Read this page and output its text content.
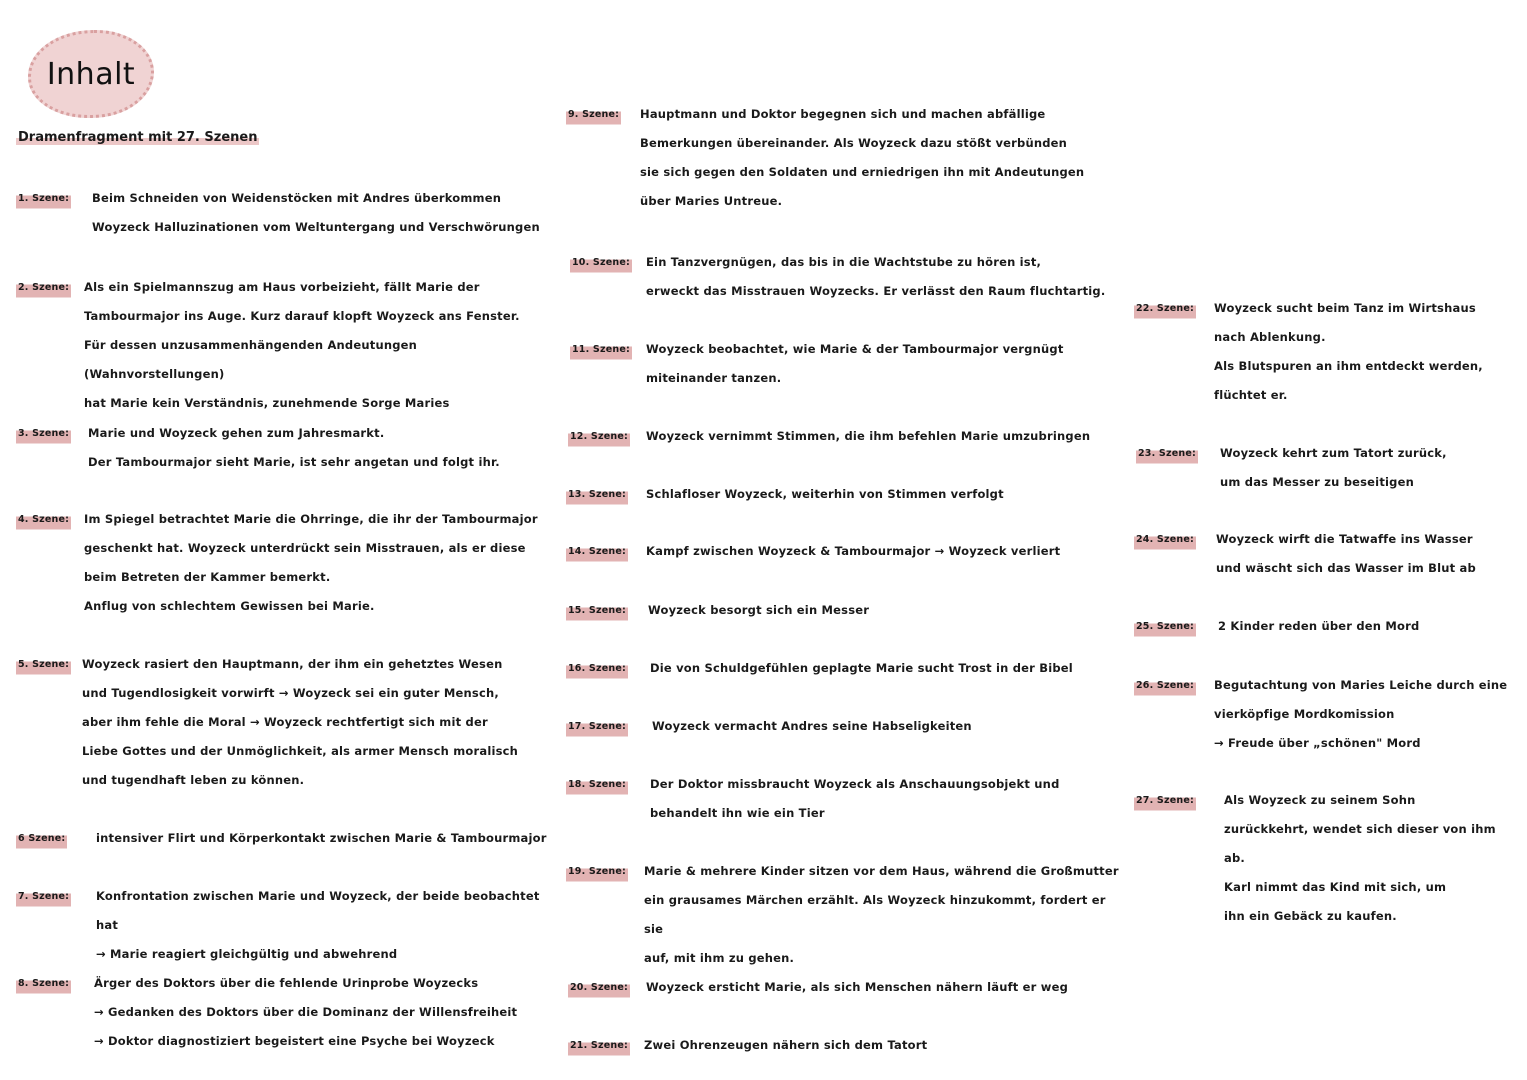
Inhalt
Dramenfragment mit 27. Szenen
1. Szene: Beim Schneiden von Weidenstöcken mit Andres überkommen
Woyzeck Halluzinationen vom Weltuntergang und Verschwörungen
2. Szene: Als ein Spielmannszug am Haus vorbeizieht, fällt Marie der
Tambourmajor ins Auge. Kurz darauf klopft Woyzeck ans Fenster.
Für dessen unzusammenhängenden Andeutungen (Wahnvorstellungen)
hat Marie kein Verständnis, zunehmende Sorge Maries
3. Szene: Marie und Woyzeck gehen zum Jahresmarkt.
Der Tambourmajor sieht Marie, ist sehr angetan und folgt ihr.
4. Szene: Im Spiegel betrachtet Marie die Ohrringe, die ihr der Tambourmajor
geschenkt hat. Woyzeck unterdrückt sein Misstrauen, als er diese
beim Betreten der Kammer bemerkt.
Anflug von schlechtem Gewissen bei Marie.
5. Szene: Woyzeck rasiert den Hauptmann, der ihm ein gehetztes Wesen
und Tugendlosigkeit vorwirft → Woyzeck sei ein guter Mensch,
aber ihm fehle die Moral → Woyzeck rechtfertigt sich mit der
Liebe Gottes und der Unmöglichkeit, als armer Mensch moralisch
und tugendhaft leben zu können.
6 Szene:	intensiver Flirt und Körperkontakt zwischen Marie & Tambourmajor
7. Szene: Konfrontation zwischen Marie und Woyzeck, der beide beobachtet hat
→ Marie reagiert gleichgültig und abwehrend
8. Szene: Ärger des Doktors über die fehlende Urinprobe Woyzecks
→ Gedanken des Doktors über die Dominanz der Willensfreiheit
→ Doktor diagnostiziert begeistert eine Psyche bei Woyzeck
9. Szene: Hauptmann und Doktor begegnen sich und machen abfällige
Bemerkungen übereinander. Als Woyzeck dazu stößt verbünden
sie sich gegen den Soldaten und erniedrigen ihn mit Andeutungen
über Maries Untreue.
10. Szene: Ein Tanzvergnügen, das bis in die Wachtstube zu hören ist,
erweckt das Misstrauen Woyzecks. Er verlässt den Raum fluchtartig.
11. Szene: Woyzeck beobachtet, wie Marie & der Tambourmajor vergnügt
miteinander tanzen.
12. Szene: Woyzeck vernimmt Stimmen, die ihm befehlen Marie umzubringen
13. Szene: Schlafloser Woyzeck, weiterhin von Stimmen verfolgt
14. Szene: Kampf zwischen Woyzeck & Tambourmajor → Woyzeck verliert
15. Szene: Woyzeck besorgt sich ein Messer
16. Szene: Die von Schuldgefühlen geplagte Marie sucht Trost in der Bibel
17. Szene: Woyzeck vermacht Andres seine Habseligkeiten
18. Szene: Der Doktor missbraucht Woyzeck als Anschauungsobjekt und
behandelt ihn wie ein Tier
19. Szene: Marie & mehrere Kinder sitzen vor dem Haus, während die Großmutter
ein grausames Märchen erzählt. Als Woyzeck hinzukommt, fordert er sie
auf, mit ihm zu gehen.
20. Szene: Woyzeck ersticht Marie, als sich Menschen nähern läuft er weg
21. Szene: Zwei Ohrenzeugen nähern sich dem Tatort
22. Szene: Woyzeck sucht beim Tanz im Wirtshaus
nach Ablenkung.
Als Blutspuren an ihm entdeckt werden,
flüchtet er.
23. Szene: Woyzeck kehrt zum Tatort zurück,
um das Messer zu beseitigen
24. Szene: Woyzeck wirft die Tatwaffe ins Wasser
und wäscht sich das Wasser im Blut ab
25. Szene: 2 Kinder reden über den Mord
26. Szene: Begutachtung von Maries Leiche durch eine
vierköpfige Mordkomission
→ Freude über „schönen" Mord
27. Szene:	Als Woyzeck zu seinem Sohn
zurückkehrt, wendet sich dieser von ihm
ab.
Karl nimmt das Kind mit sich, um
ihn ein Gebäck zu kaufen.
